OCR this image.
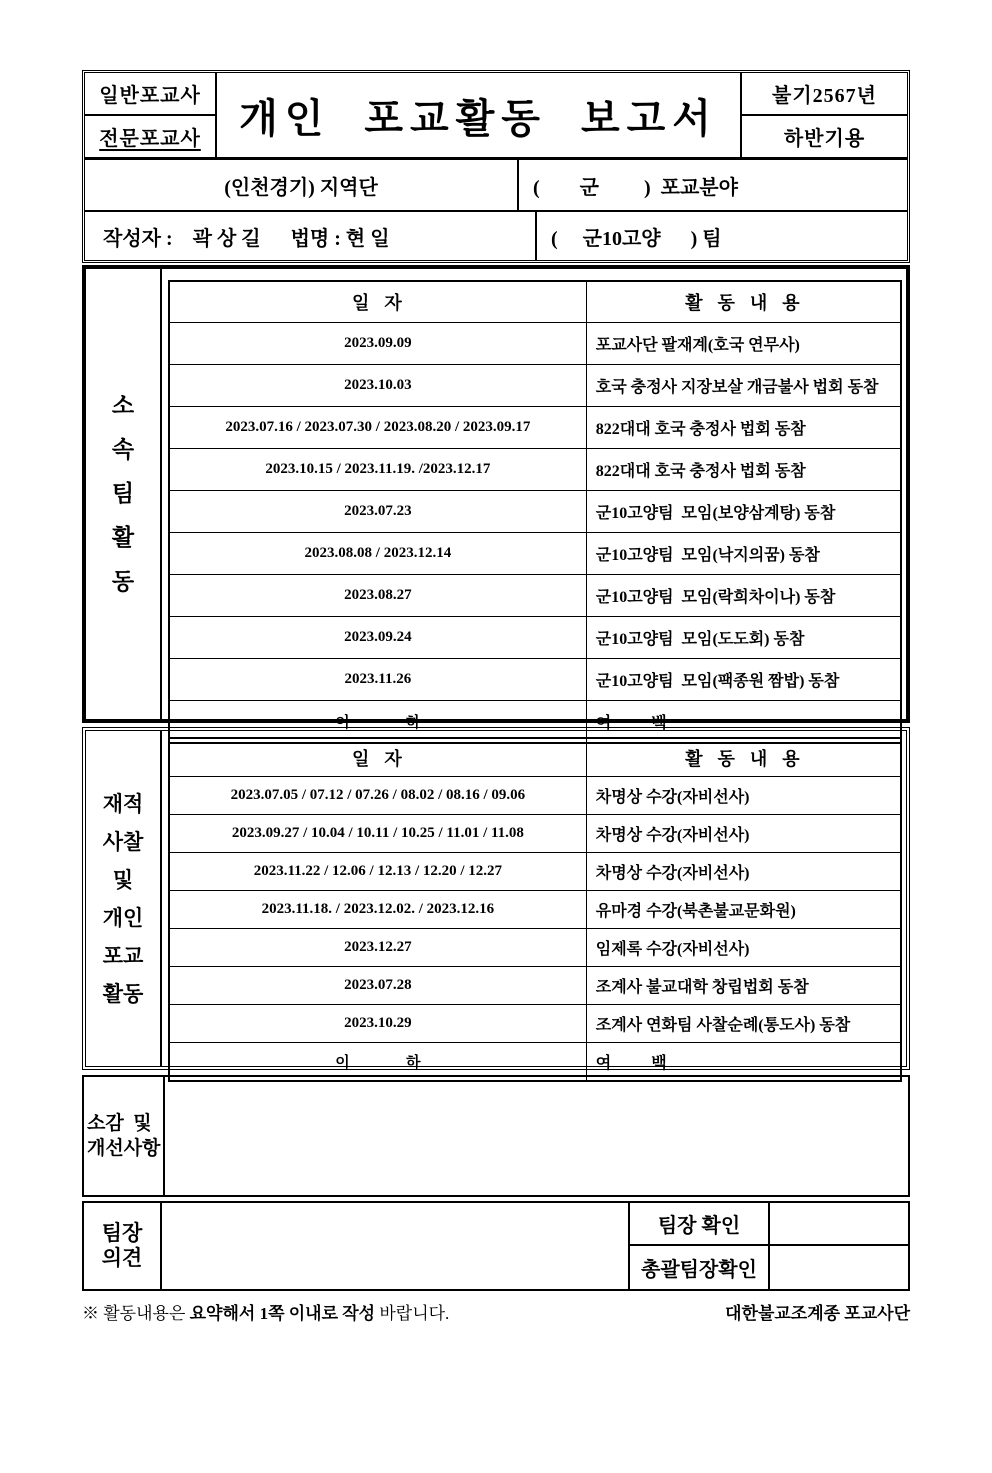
일반포교사
전문포교사 개인  포교활동  보고서	불기2567년
하반기용
(인천경기) 지역단	(        군         )  포교분야
작성자 :    곽 상 길      법명 : 현 일	(     군10고양      ) 팀
소
속
팀
활
동
일  자	활  동  내  용
2023.09.09	포교사단 팔재계(호국 연무사)
2023.10.03	호국 충정사 지장보살 개금불사 법회 동참
2023.07.16 / 2023.07.30 / 2023.08.20 / 2023.09.17	822대대 호국 충정사 법회 동참
2023.10.15 / 2023.11.19. /2023.12.17	822대대 호국 충정사 법회 동참
2023.07.23	군10고양팀  모임(보양삼계탕) 동참
2023.08.08 / 2023.12.14	군10고양팀  모임(낙지의꿈) 동참
2023.08.27	군10고양팀  모임(락희차이나) 동참
2023.09.24	군10고양팀  모임(도도회) 동참
2023.11.26	군10고양팀  모임(팩종원 짬밥) 동참
이               하	여          백
재적
사찰
및
개인
포교
활동
일  자	활  동  내  용
2023.07.05 / 07.12 / 07.26 / 08.02 / 08.16 / 09.06	차명상 수강(자비선사)
2023.09.27 / 10.04 / 10.11 / 10.25 / 11.01 / 11.08	차명상 수강(자비선사)
2023.11.22 / 12.06 / 12.13 / 12.20 / 12.27	차명상 수강(자비선사)
2023.11.18. / 2023.12.02. / 2023.12.16	유마경 수강(북촌불교문화원)
2023.12.27	임제록 수강(자비선사)
2023.07.28	조계사 불교대학 창립법회 동참
2023.10.29	조계사 연화팀 사찰순례(통도사) 동참
이               하	여          백
소감  및
개선사항
팀장
의견
팀장 확인
총괄팀장확인
※ 활동내용은 요약해서 1쪽 이내로 작성 바랍니다.	대한불교조계종 포교사단
